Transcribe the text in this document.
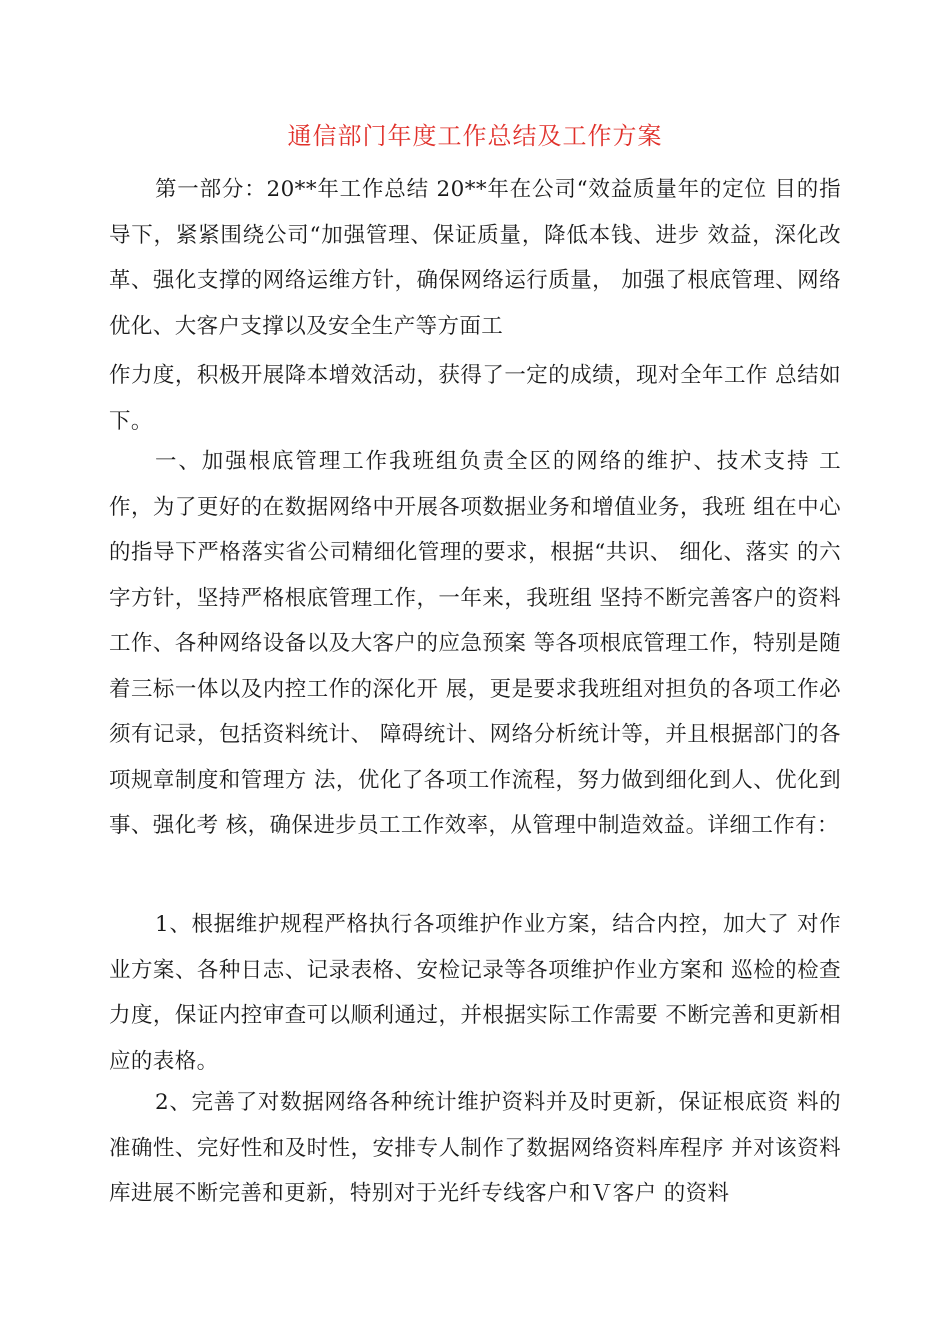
通信部门年度工作总结及工作方案

第一部分：20**年工作总结 20**年在公司“效益质量年的定位 目的指导下，紧紧围绕公司“加强管理、保证质量，降低本钱、进步 效益，深化改革、强化支撑的网络运维方针，确保网络运行质量， 加强了根底管理、网络优化、大客户支撑以及安全生产等方面工

作力度，积极开展降本增效活动，获得了一定的成绩，现对全年工作 总结如下。

一、加强根底管理工作我班组负责全区的网络的维护、技术支持 工作，为了更好的在数据网络中开展各项数据业务和增值业务，我班 组在中心的指导下严格落实省公司精细化管理的要求，根据“共识、 细化、落实 的六字方针，坚持严格根底管理工作，一年来，我班组 坚持不断完善客户的资料工作、各种网络设备以及大客户的应急预案 等各项根底管理工作，特别是随着三标一体以及内控工作的深化开 展，更是要求我班组对担负的各项工作必须有记录，包括资料统计、 障碍统计、网络分析统计等，并且根据部门的各项规章制度和管理方 法，优化了各项工作流程，努力做到细化到人、优化到事、强化考 核，确保进步员工工作效率，从管理中制造效益。详细工作有：

1、根据维护规程严格执行各项维护作业方案，结合内控，加大了 对作业方案、各种日志、记录表格、安检记录等各项维护作业方案和 巡检的检查力度，保证内控审查可以顺利通过，并根据实际工作需要 不断完善和更新相应的表格。

2、完善了对数据网络各种统计维护资料并及时更新，保证根底资 料的准确性、完好性和及时性，安排专人制作了数据网络资料库程序 并对该资料库进展不断完善和更新，特别对于光纤专线客户和Ｖ客户 的资料
